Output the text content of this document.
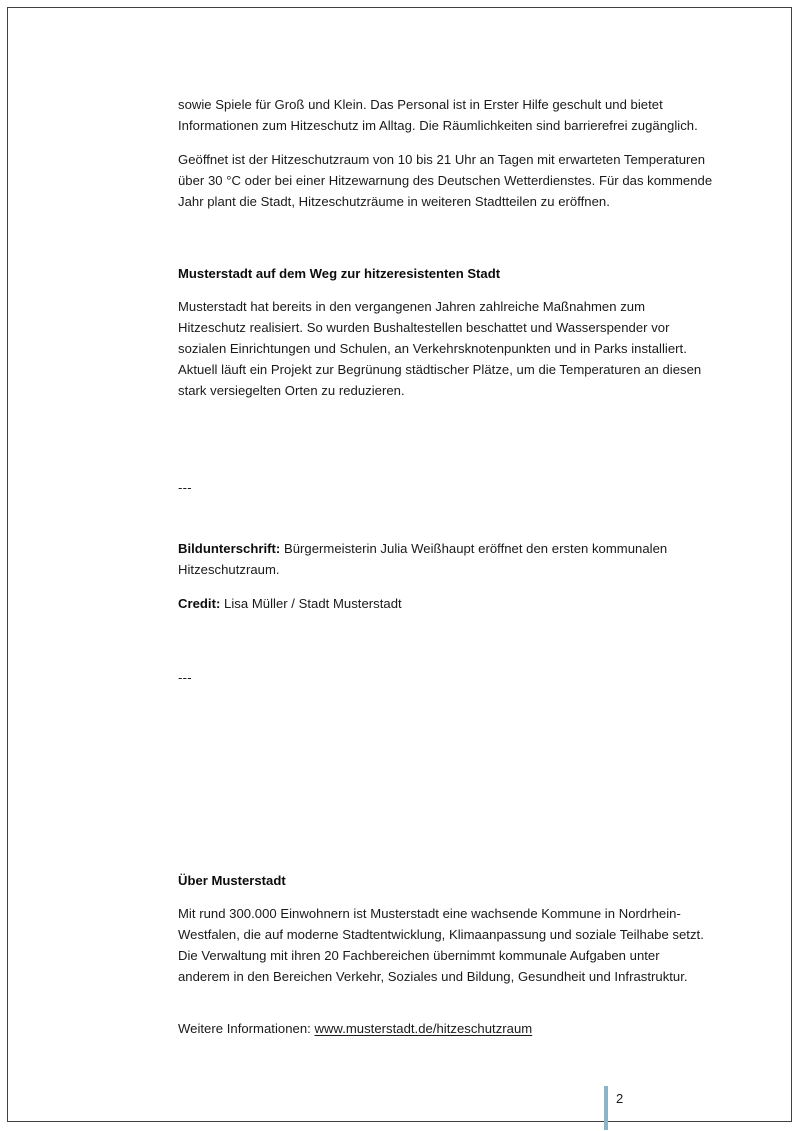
sowie Spiele für Groß und Klein. Das Personal ist in Erster Hilfe geschult und bietet Informationen zum Hitzeschutz im Alltag. Die Räumlichkeiten sind barrierefrei zugänglich.

Geöffnet ist der Hitzeschutzraum von 10 bis 21 Uhr an Tagen mit erwarteten Temperaturen über 30 °C oder bei einer Hitzewarnung des Deutschen Wetterdienstes. Für das kommende Jahr plant die Stadt, Hitzeschutzräume in weiteren Stadtteilen zu eröffnen.

Musterstadt auf dem Weg zur hitzeresistenten Stadt

Musterstadt hat bereits in den vergangenen Jahren zahlreiche Maßnahmen zum Hitzeschutz realisiert. So wurden Bushaltestellen beschattet und Wasserspender vor sozialen Einrichtungen und Schulen, an Verkehrsknotenpunkten und in Parks installiert. Aktuell läuft ein Projekt zur Begrünung städtischer Plätze, um die Temperaturen an diesen stark versiegelten Orten zu reduzieren.

---

Bildunterschrift: Bürgermeisterin Julia Weißhaupt eröffnet den ersten kommunalen Hitzeschutzraum.

Credit: Lisa Müller / Stadt Musterstadt

---

Über Musterstadt

Mit rund 300.000 Einwohnern ist Musterstadt eine wachsende Kommune in Nordrhein-Westfalen, die auf moderne Stadtentwicklung, Klimaanpassung und soziale Teilhabe setzt. Die Verwaltung mit ihren 20 Fachbereichen übernimmt kommunale Aufgaben unter anderem in den Bereichen Verkehr, Soziales und Bildung, Gesundheit und Infrastruktur.

Weitere Informationen: www.musterstadt.de/hitzeschutzraum

2
